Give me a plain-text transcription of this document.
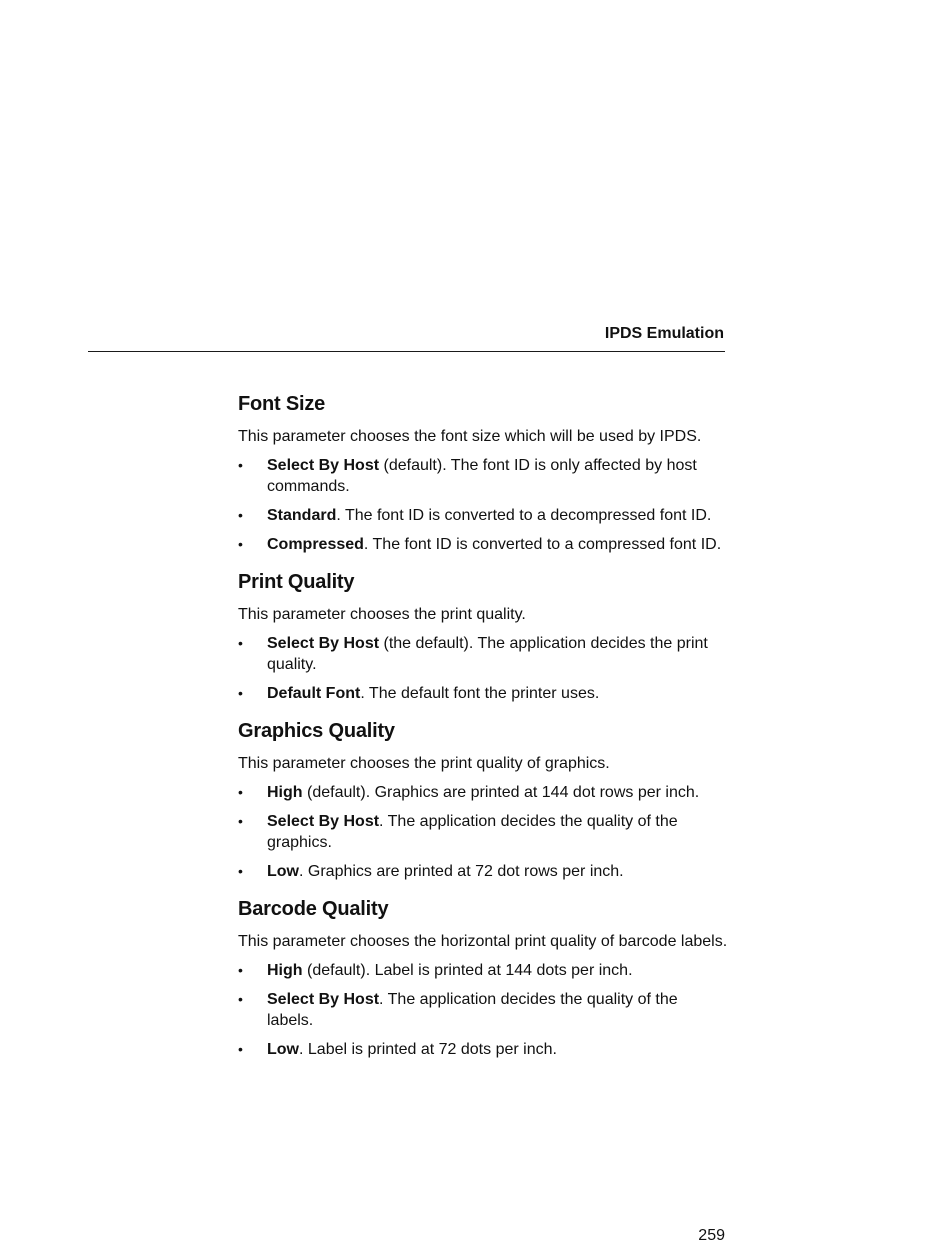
IPDS Emulation
Font Size

This parameter chooses the font size which will be used by IPDS.

• Select By Host (default). The font ID is only affected by host commands.
• Standard. The font ID is converted to a decompressed font ID.
• Compressed. The font ID is converted to a compressed font ID.
Print Quality

This parameter chooses the print quality.

• Select By Host (the default). The application decides the print quality.
• Default Font. The default font the printer uses.
Graphics Quality

This parameter chooses the print quality of graphics.

• High (default). Graphics are printed at 144 dot rows per inch.
• Select By Host. The application decides the quality of the graphics.
• Low. Graphics are printed at 72 dot rows per inch.
Barcode Quality

This parameter chooses the horizontal print quality of barcode labels.

• High (default). Label is printed at 144 dots per inch.
• Select By Host. The application decides the quality of the labels.
• Low. Label is printed at 72 dots per inch.
259
